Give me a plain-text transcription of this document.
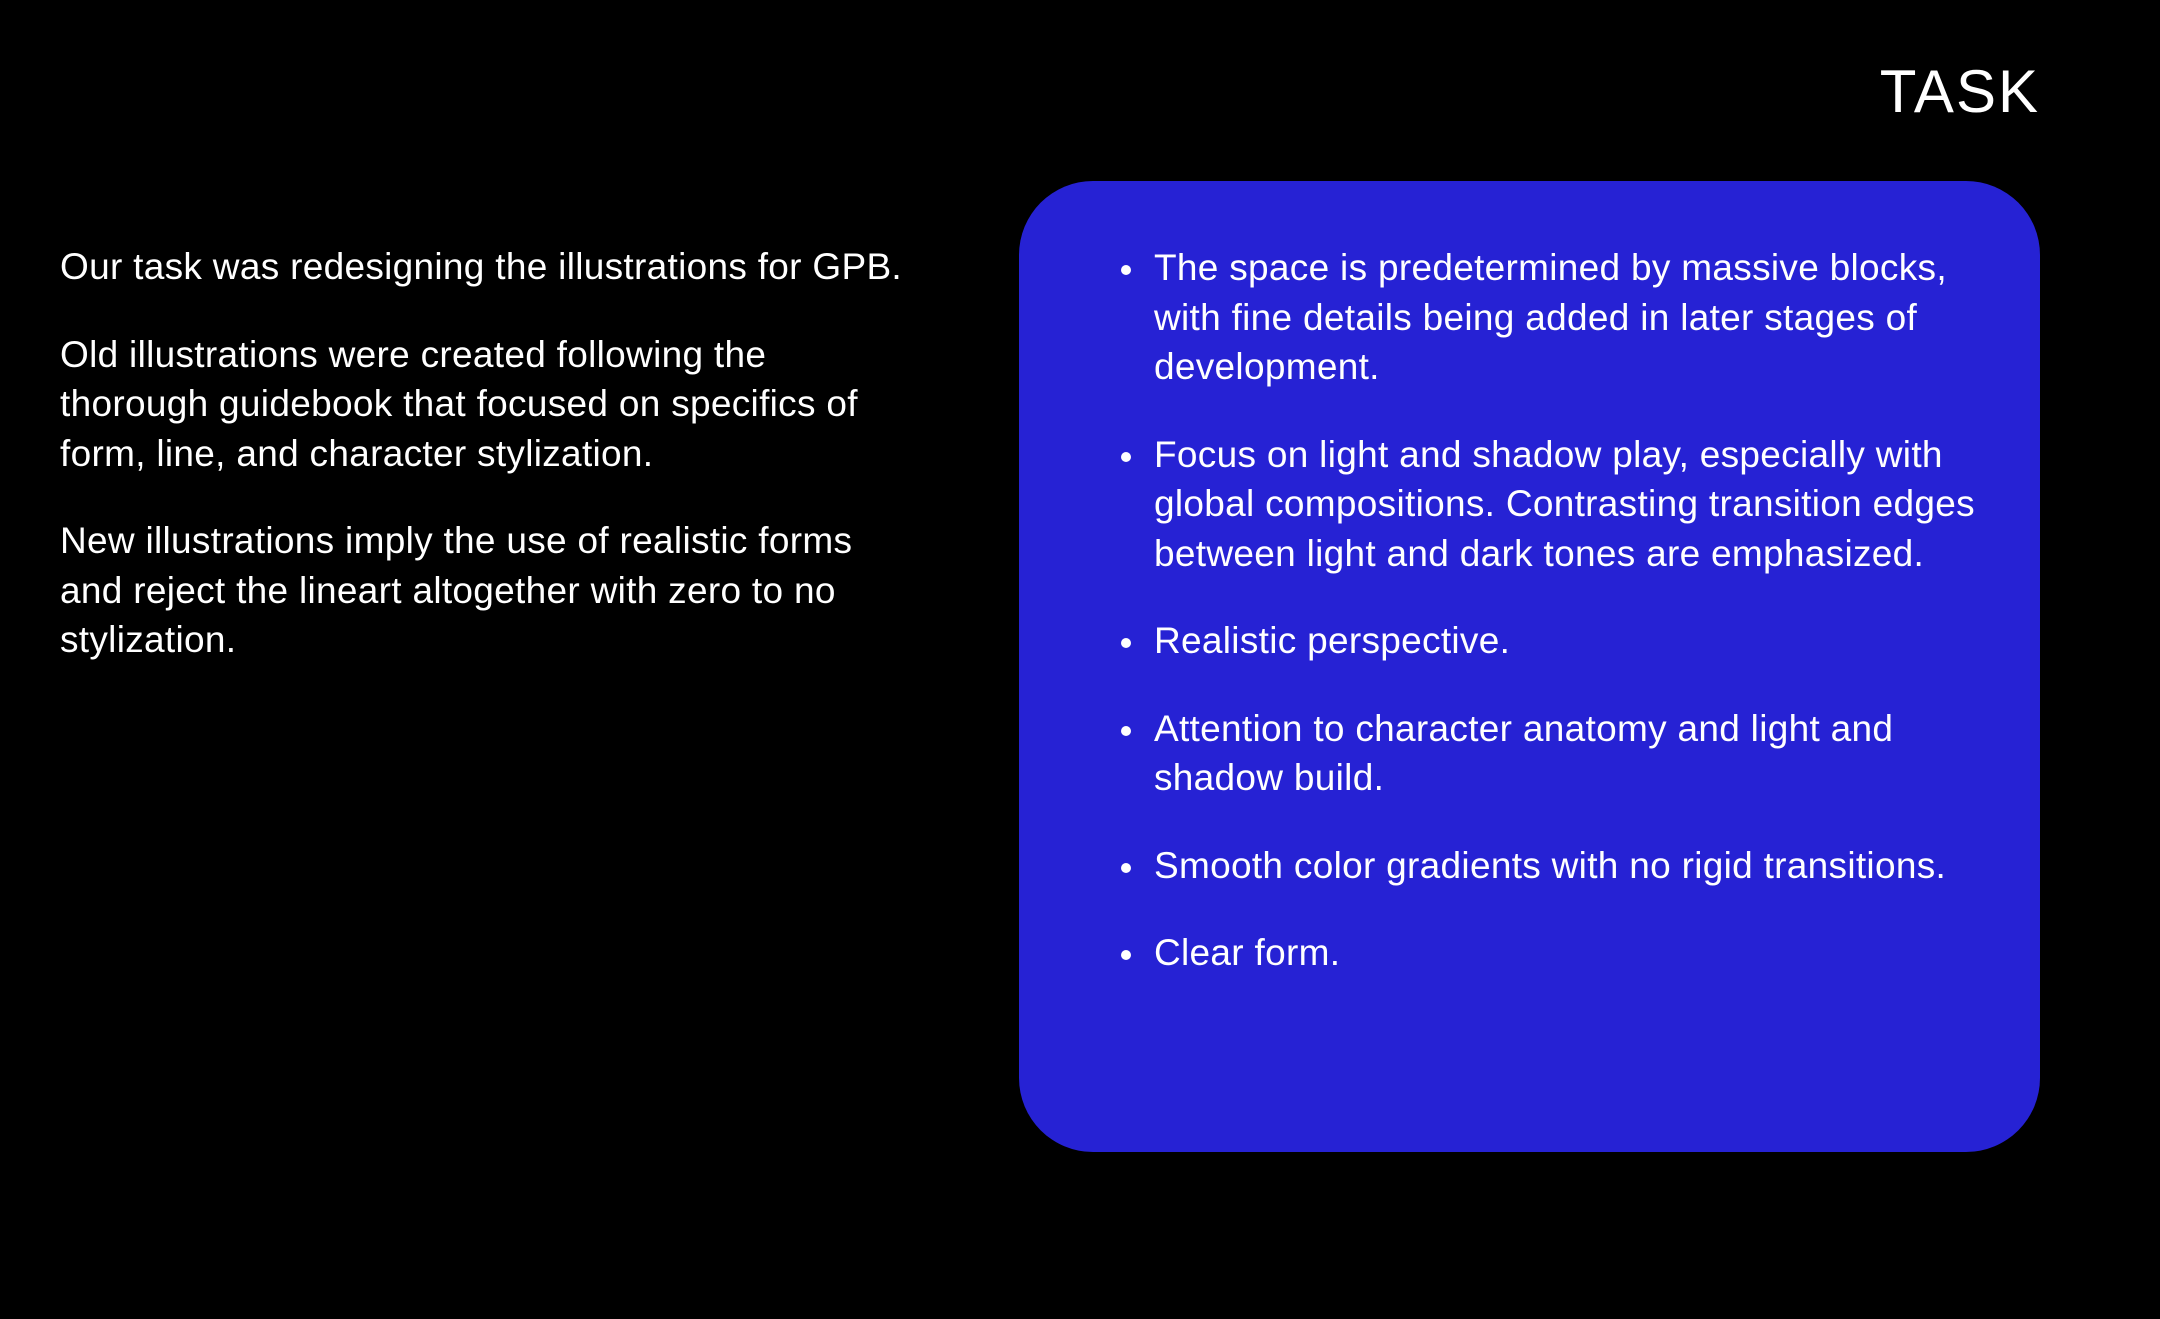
TASK

Our task was redesigning the illustrations for GPB.

Old illustrations were created following the thorough guidebook that focused on specifics of form, line, and character stylization.

New illustrations imply the use of realistic forms and reject the lineart altogether with zero to no stylization.

The space is predetermined by massive blocks, with fine details being added in later stages of development.
Focus on light and shadow play, especially with global compositions. Contrasting transition edges between light and dark tones are emphasized.
Realistic perspective.
Attention to character anatomy and light and shadow build.
Smooth color gradients with no rigid transitions.
Clear form.
